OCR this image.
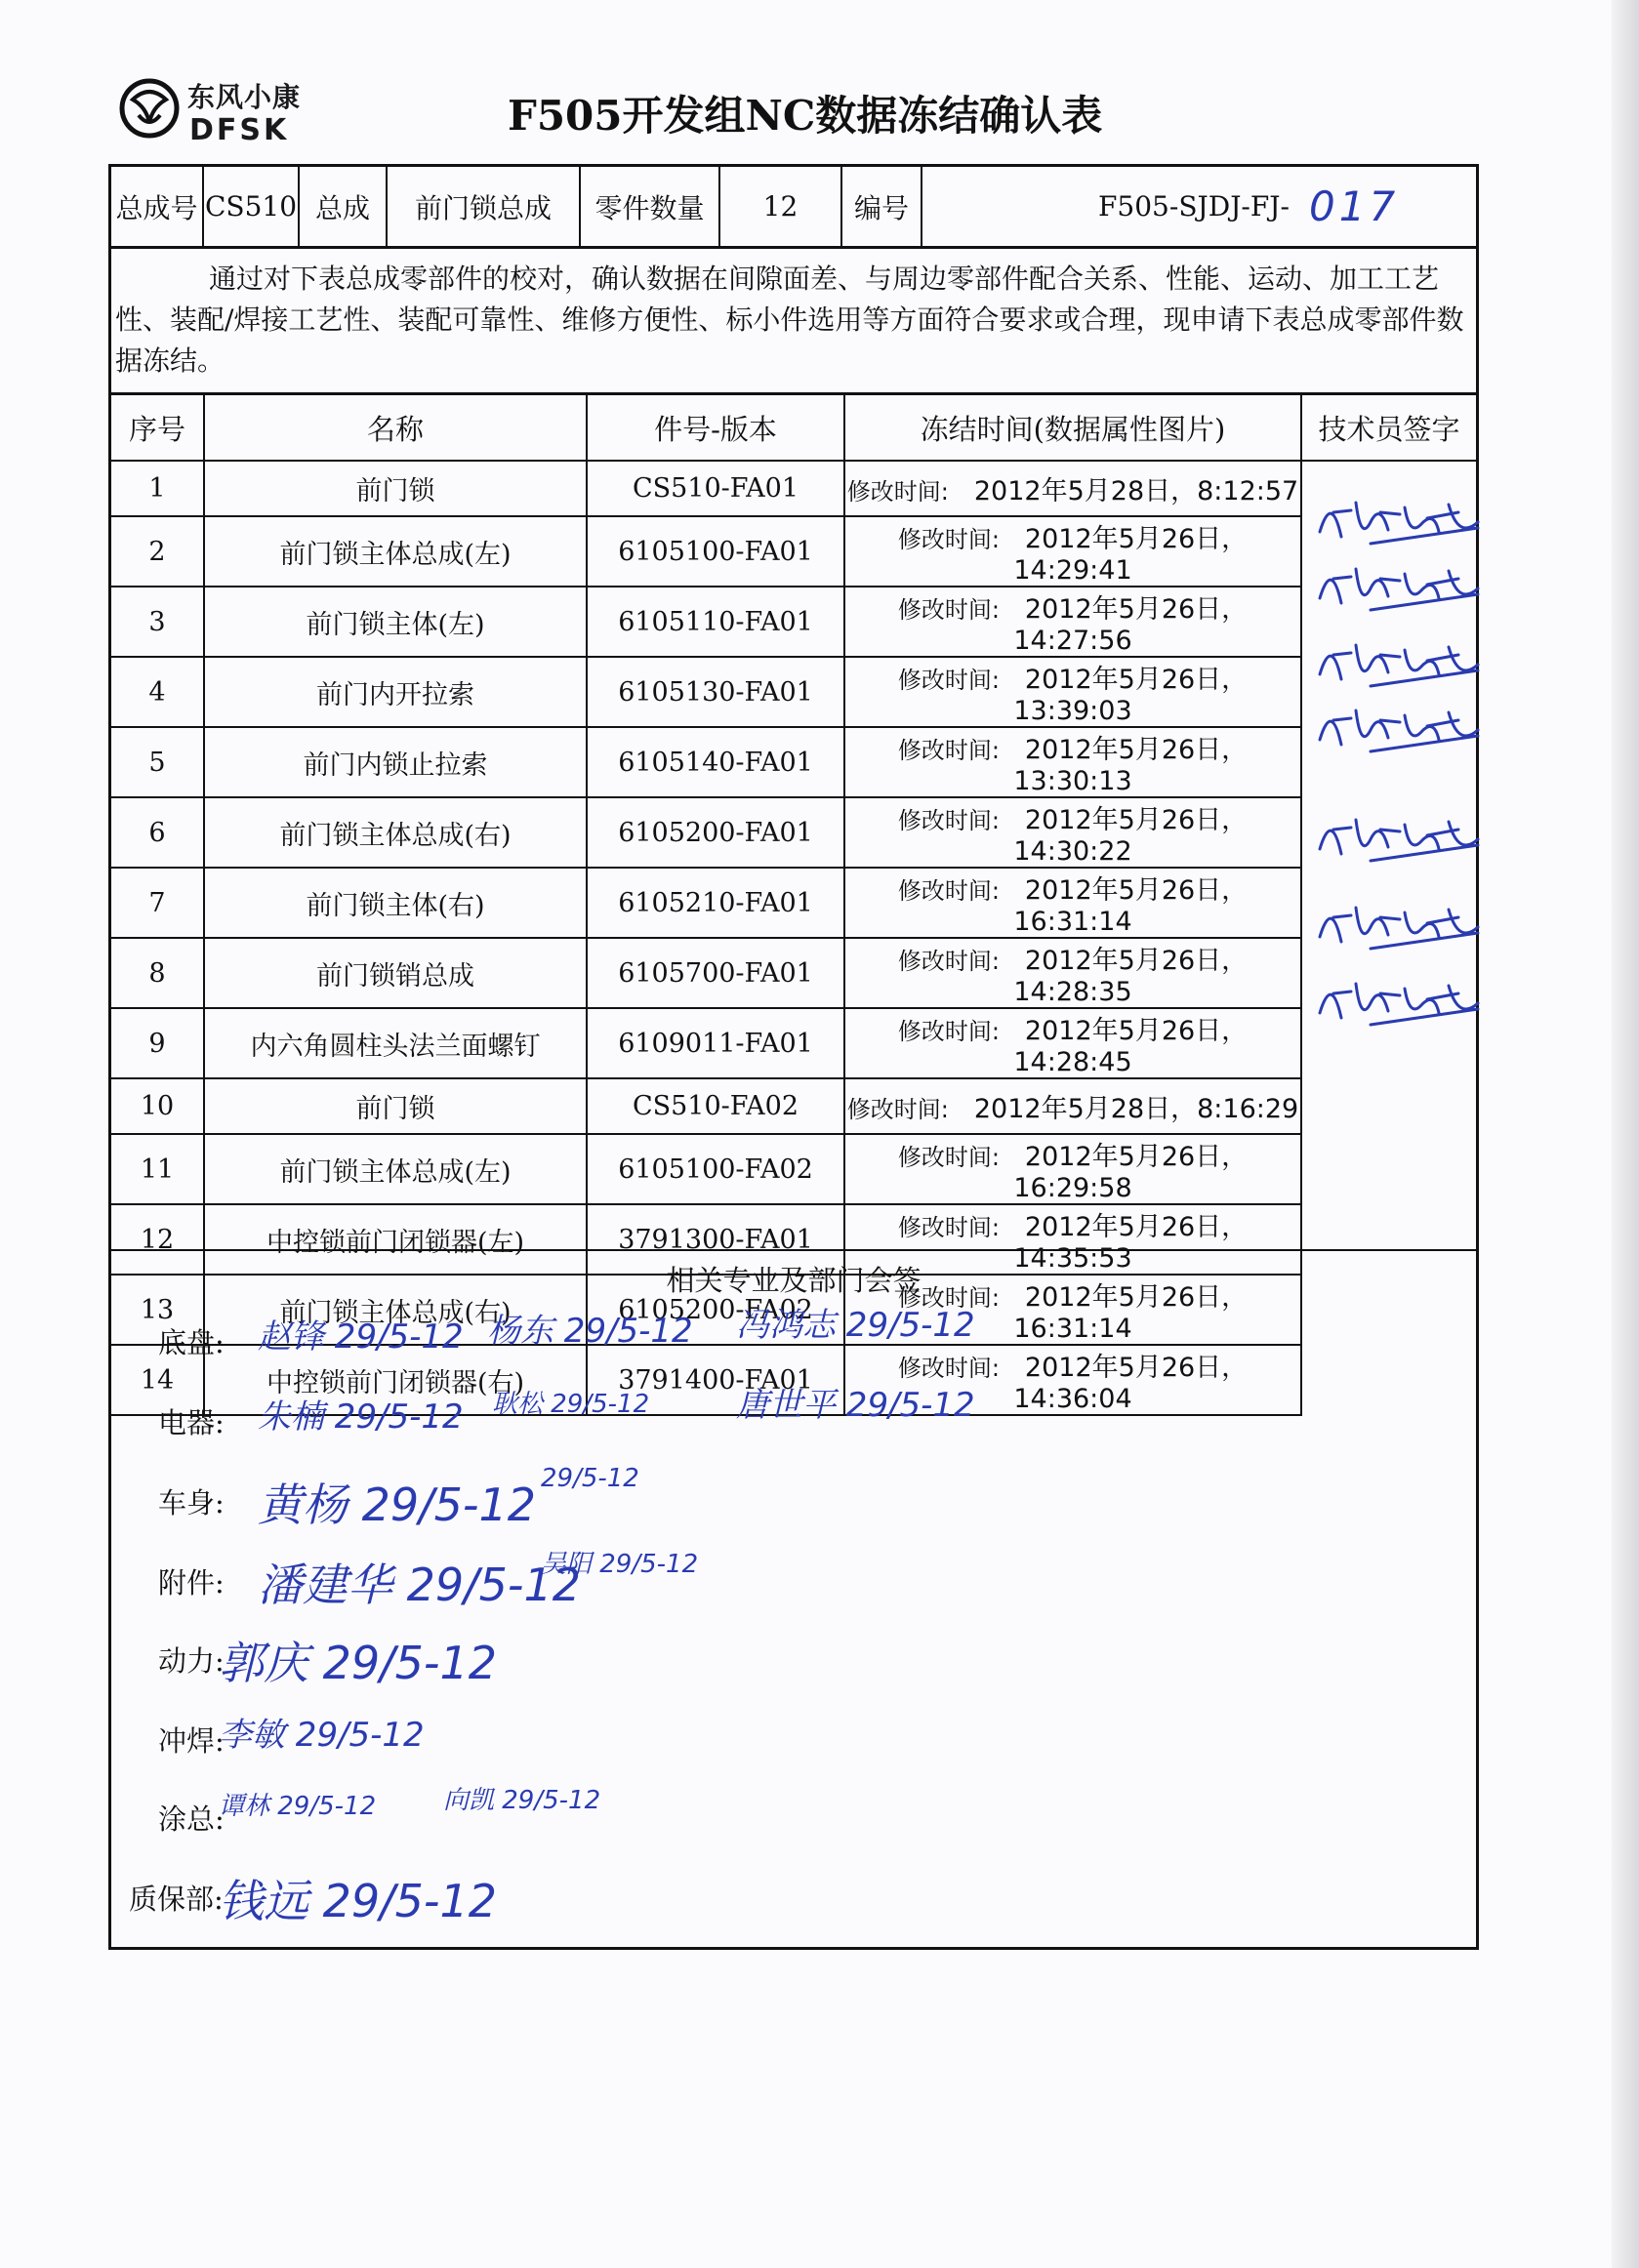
东风小康
DFSK	F505开发组NC数据冻结确认表
总成号 CS510 总成	前门锁总成	零件数量	12	编号	F505-SJDJ-FJ- 017
通过对下表总成零部件的校对，确认数据在间隙面差、与周边零部件配合关系、性能、运动、加工工艺性、装配/焊接工艺性、装配可靠性、维修方便性、标小件选用等方面符合要求或合理，现申请下表总成零部件数据冻结。
序号	名称	件号-版本	冻结时间(数据属性图片)	技术员签字
1	前门锁	CS510-FA01	修改时间: 2012年5月28日，8:12:57	

2	前门锁主体总成(左)	6105100-FA01	修改时间: 2012年5月26日，14:29:41	
3	前门锁主体(左)	6105110-FA01	修改时间: 2012年5月26日，14:27:56	
4	前门内开拉索	6105130-FA01	修改时间: 2012年5月26日，13:39:03	
5	前门内锁止拉索	6105140-FA01	修改时间: 2012年5月26日，13:30:13	
6	前门锁主体总成(右)	6105200-FA01	修改时间: 2012年5月26日，14:30:22	
7	前门锁主体(右)	6105210-FA01	修改时间: 2012年5月26日，16:31:14	
8	前门锁销总成	6105700-FA01	修改时间: 2012年5月26日，14:28:35	
9	内六角圆柱头法兰面螺钉	6109011-FA01	修改时间: 2012年5月26日，14:28:45	
10	前门锁	CS510-FA02	修改时间: 2012年5月28日，8:16:29	
11	前门锁主体总成(左)	6105100-FA02	修改时间: 2012年5月26日，16:29:58	
12	中控锁前门闭锁器(左)	3791300-FA01	修改时间: 2012年5月26日，14:35:53	
13	前门锁主体总成(右)	6105200-FA02	修改时间: 2012年5月26日，16:31:14	
14	中控锁前门闭锁器(右)	3791400-FA01	修改时间: 2012年5月26日，14:36:04	
相关专业及部门会签
底盘: 赵锋 29/5-12 杨东 29/5-12 冯鸿志 29/5-12
电器: 朱楠 29/5-12 耿松 29/5-12	唐世平 29/5-12
车身: 黄杨 29/5-12 29/5-12
附件: 潘建华 29/5-12
吴阳 29/5-12
动力:
郭庆 29/5-12
冲焊:
李敏 29/5-12
涂总:
谭林 29/5-12	向凯 29/5-12
质保部:
钱远 29/5-12
